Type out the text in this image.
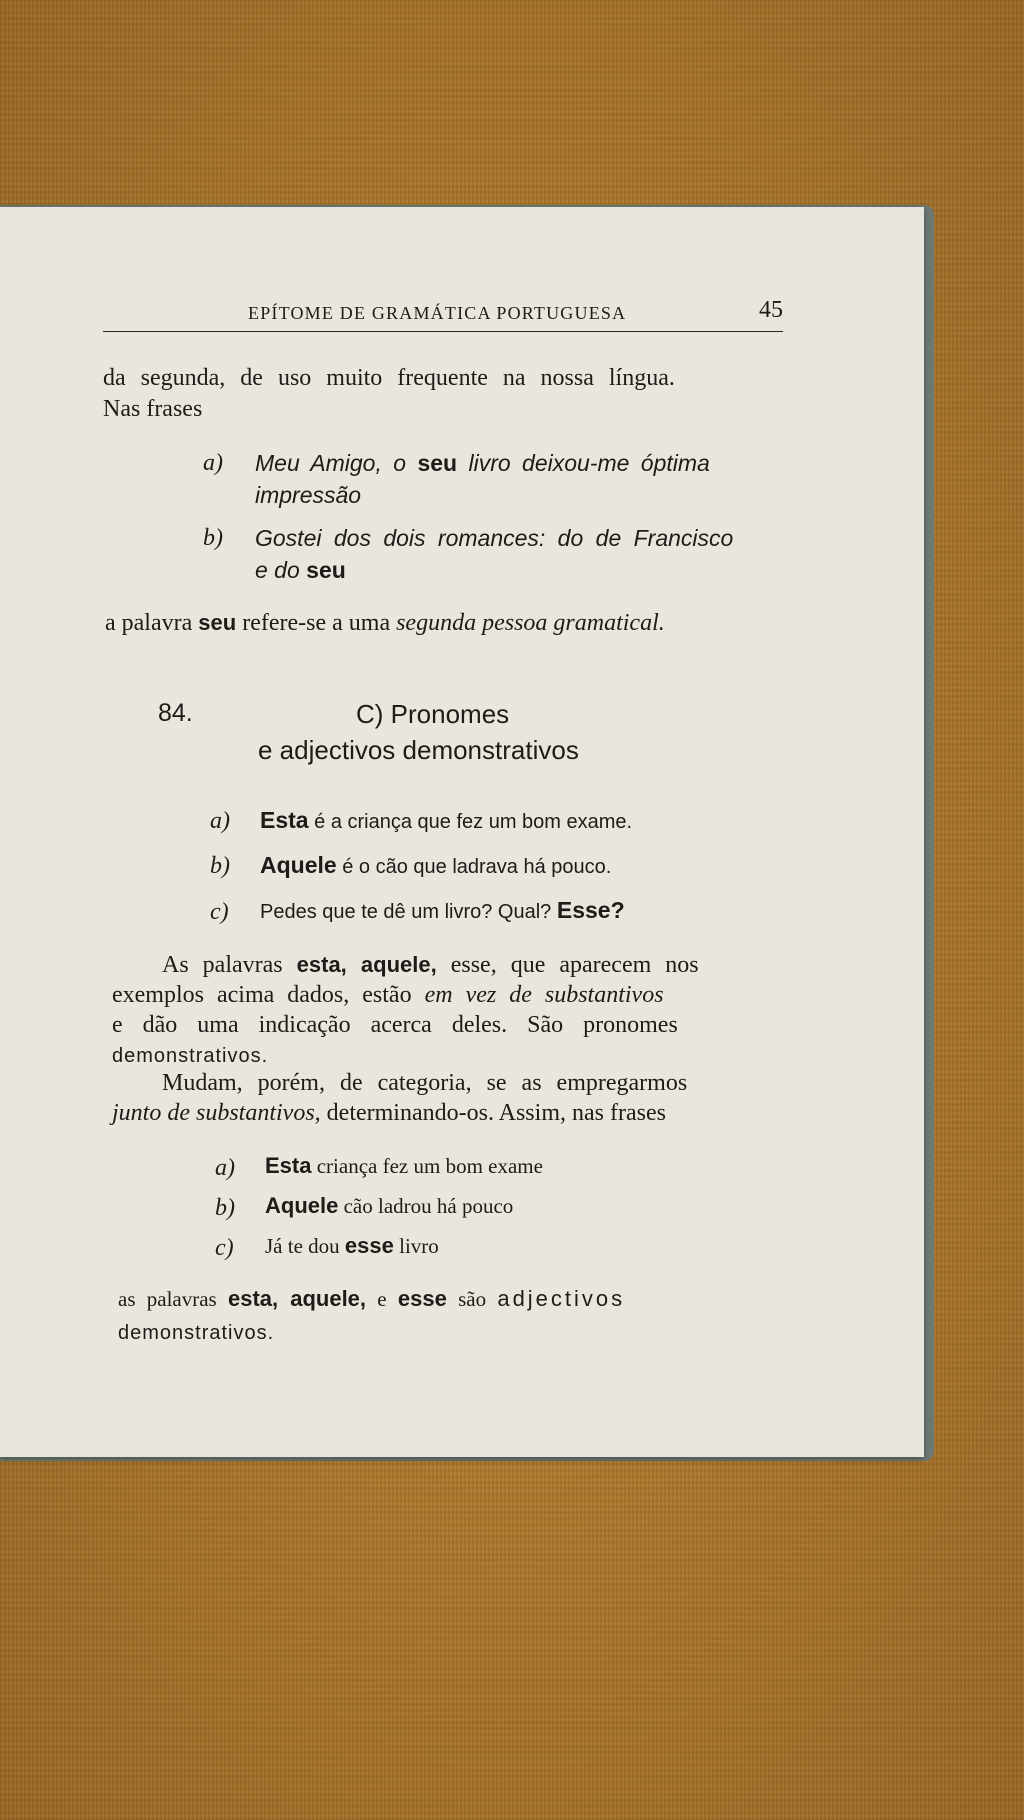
EPÍTOME DE GRAMÁTICA PORTUGUESA	45
da segunda, de uso muito frequente na nossa língua.
Nas frases
a) Meu Amigo, o seu livro deixou-me óptima
impressão
b) Gostei dos dois romances: do de Francisco
e do seu
a palavra seu refere-se a uma segunda pessoa gramatical.
84.	C) Pronomes
e adjectivos demonstrativos
a) Esta é a criança que fez um bom exame.
b) Aquele é o cão que ladrava há pouco.
c) Pedes que te dê um livro? Qual? Esse?
As palavras esta, aquele, esse, que aparecem nos
exemplos acima dados, estão em vez de substantivos
e dão uma indicação acerca deles. São pronomes
demonstrativos.
Mudam, porém, de categoria, se as empregarmos
junto de substantivos, determinando-os. Assim, nas frases
a) Esta criança fez um bom exame
b) Aquele cão ladrou há pouco
c) Já te dou esse livro
as palavras esta, aquele, e esse são adjectivos
demonstrativos.
